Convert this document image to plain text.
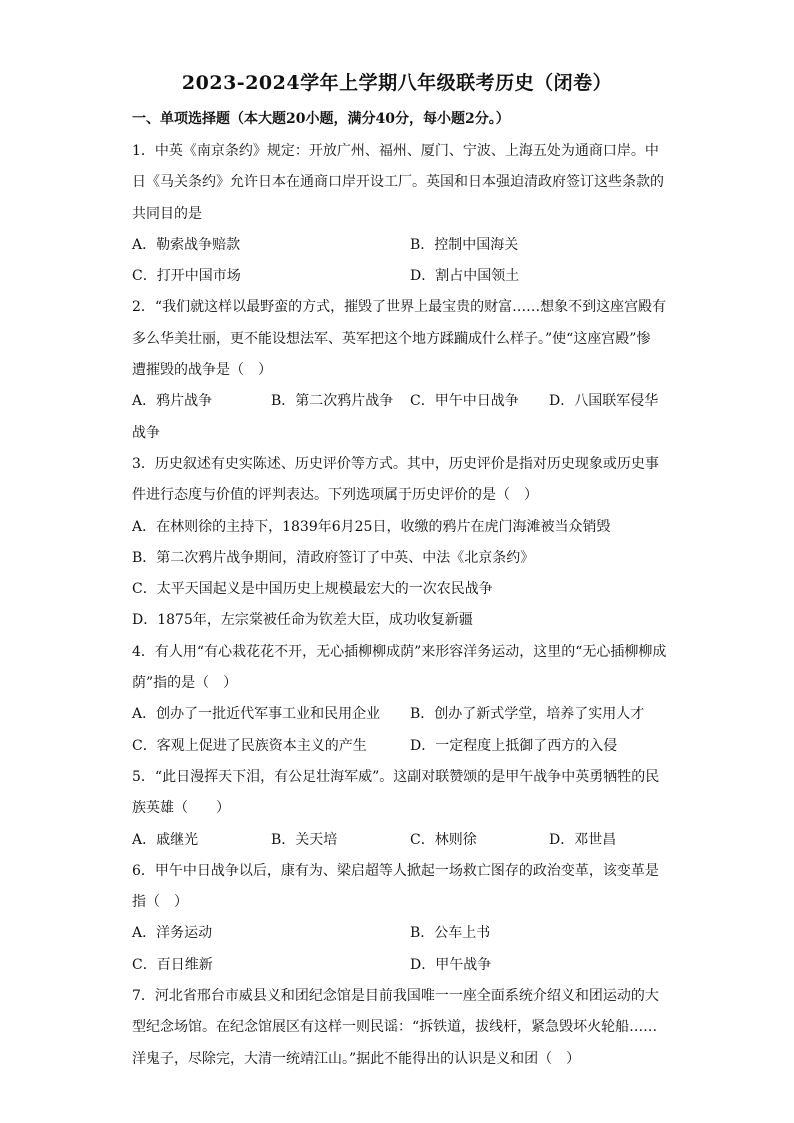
2023-2024学年上学期八年级联考历史（闭卷）
一、单项选择题（本大题20小题，满分40分，每小题2分。）
1．中英《南京条约》规定：开放广州、福州、厦门、宁波、上海五处为通商口岸。中
日《马关条约》允许日本在通商口岸开设工厂。英国和日本强迫清政府签订这些条款的
共同目的是
A．勒索战争赔款	B．控制中国海关
C．打开中国市场	D．割占中国领土
2．“我们就这样以最野蛮的方式，摧毁了世界上最宝贵的财富……想象不到这座宫殿有
多么华美壮丽，更不能设想法军、英军把这个地方蹂躏成什么样子。”使“这座宫殿”惨
遭摧毁的战争是（　）
A．鸦片战争	B．第二次鸦片战争 C．甲午中日战争 D．八国联军侵华
战争
3．历史叙述有史实陈述、历史评价等方式。其中，历史评价是指对历史现象或历史事
件进行态度与价值的评判表达。下列选项属于历史评价的是（　）
A．在林则徐的主持下，1839年6月25日，收缴的鸦片在虎门海滩被当众销毁
B．第二次鸦片战争期间，清政府签订了中英、中法《北京条约》
C．太平天国起义是中国历史上规模最宏大的一次农民战争
D．1875年，左宗棠被任命为钦差大臣，成功收复新疆
4．有人用“有心栽花花不开，无心插柳柳成荫”来形容洋务运动，这里的“无心插柳柳成
荫”指的是（　）
A．创办了一批近代军事工业和民用企业 B．创办了新式学堂，培养了实用人才
C．客观上促进了民族资本主义的产生	D．一定程度上抵御了西方的入侵
5．“此日漫挥天下泪，有公足壮海军威”。这副对联赞颂的是甲午战争中英勇牺牲的民
族英雄（　　）
A．戚继光	B．关天培	C．林则徐	D．邓世昌
6．甲午中日战争以后，康有为、梁启超等人掀起一场救亡图存的政治变革，该变革是
指（　）
A．洋务运动	B．公车上书
C．百日维新	D．甲午战争
7．河北省邢台市威县义和团纪念馆是目前我国唯一一座全面系统介绍义和团运动的大
型纪念场馆。在纪念馆展区有这样一则民谣：“拆铁道，拔线杆，紧急毁坏火轮船……
洋鬼子，尽除完，大清一统靖江山。”据此不能得出的认识是义和团（　）
